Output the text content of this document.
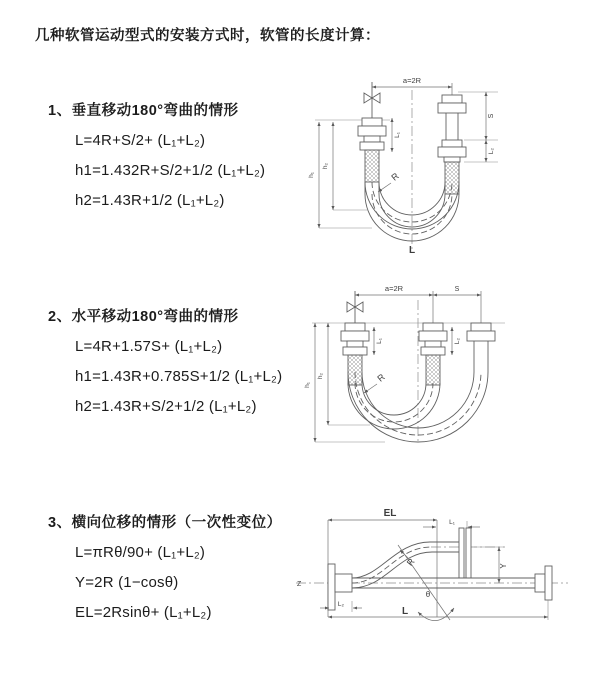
几种软管运动型式的安装方式时，软管的长度计算：
1、垂直移动180°弯曲的情形
L=4R+S/2+ (L₁+L₂)
h1=1.432R+S/2+1/2 (L₁+L₂)
h2=1.43R+1/2 (L₁+L₂)
2、水平移动180°弯曲的情形
L=4R+1.57S+ (L₁+L₂)
h1=1.43R+0.785S+1/2 (L₁+L₂)
h2=1.43R+S/2+1/2 (L₁+L₂)
3、横向位移的情形（一次性变位）
L=πRθ/90+ (L₁+L₂)
Y=2R (1−cosθ)
EL=2Rsinθ+ (L₁+L₂)
a=2R
L₁
S
L₂
h₂
h₁	R
L
a=2R	S
L₁	L₂
h₂
h₁
R
Z
EL
L₁
Y
θ
R
L₂
L
